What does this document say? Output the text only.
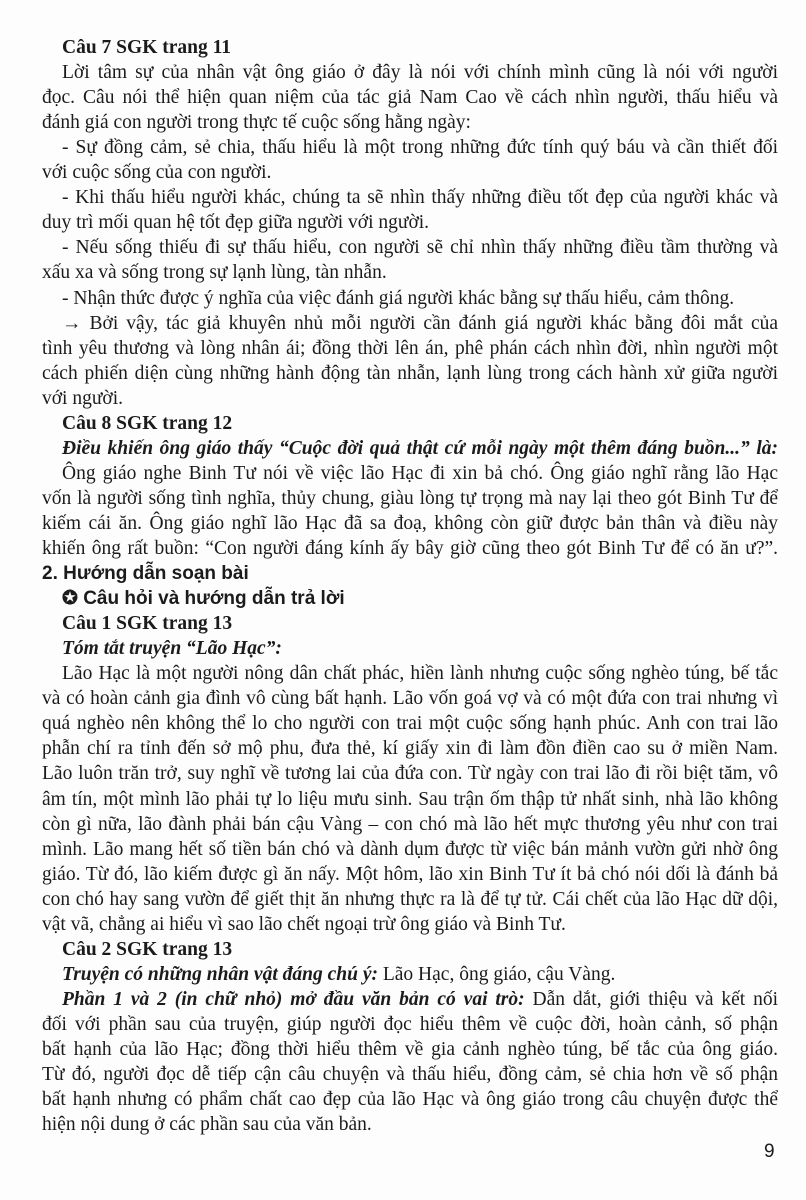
Câu 7 SGK trang 11
Lời tâm sự của nhân vật ông giáo ở đây là nói với chính mình cũng là nói với người
đọc. Câu nói thể hiện quan niệm của tác giả Nam Cao về cách nhìn người, thấu hiểu và
đánh giá con người trong thực tế cuộc sống hằng ngày:
- Sự đồng cảm, sẻ chia, thấu hiểu là một trong những đức tính quý báu và cần thiết đối
với cuộc sống của con người.
- Khi thấu hiểu người khác, chúng ta sẽ nhìn thấy những điều tốt đẹp của người khác và
duy trì mối quan hệ tốt đẹp giữa người với người.
- Nếu sống thiếu đi sự thấu hiểu, con người sẽ chỉ nhìn thấy những điều tầm thường và
xấu xa và sống trong sự lạnh lùng, tàn nhẫn.
- Nhận thức được ý nghĩa của việc đánh giá người khác bằng sự thấu hiểu, cảm thông.
→ Bởi vậy, tác giả khuyên nhủ mỗi người cần đánh giá người khác bằng đôi mắt của
tình yêu thương và lòng nhân ái; đồng thời lên án, phê phán cách nhìn đời, nhìn người một
cách phiến diện cùng những hành động tàn nhẫn, lạnh lùng trong cách hành xử giữa người
với người.
Câu 8 SGK trang 12
Điều khiến ông giáo thấy “Cuộc đời quả thật cứ mỗi ngày một thêm đáng buồn...” là:
Ông giáo nghe Binh Tư nói về việc lão Hạc đi xin bả chó. Ông giáo nghĩ rằng lão Hạc
vốn là người sống tình nghĩa, thủy chung, giàu lòng tự trọng mà nay lại theo gót Binh Tư để
kiếm cái ăn. Ông giáo nghĩ lão Hạc đã sa đoạ, không còn giữ được bản thân và điều này
khiến ông rất buồn: “Con người đáng kính ấy bây giờ cũng theo gót Binh Tư để có ăn ư?”.
2. Hướng dẫn soạn bài
✪ Câu hỏi và hướng dẫn trả lời
Câu 1 SGK trang 13
Tóm tắt truyện “Lão Hạc”:
Lão Hạc là một người nông dân chất phác, hiền lành nhưng cuộc sống nghèo túng, bế tắc
và có hoàn cảnh gia đình vô cùng bất hạnh. Lão vốn goá vợ và có một đứa con trai nhưng vì
quá nghèo nên không thể lo cho người con trai một cuộc sống hạnh phúc. Anh con trai lão
phẫn chí ra tỉnh đến sở mộ phu, đưa thẻ, kí giấy xin đi làm đồn điền cao su ở miền Nam.
Lão luôn trăn trở, suy nghĩ về tương lai của đứa con. Từ ngày con trai lão đi rồi biệt tăm, vô
âm tín, một mình lão phải tự lo liệu mưu sinh. Sau trận ốm thập tử nhất sinh, nhà lão không
còn gì nữa, lão đành phải bán cậu Vàng – con chó mà lão hết mực thương yêu như con trai
mình. Lão mang hết số tiền bán chó và dành dụm được từ việc bán mảnh vườn gửi nhờ ông
giáo. Từ đó, lão kiếm được gì ăn nấy. Một hôm, lão xin Binh Tư ít bả chó nói dối là đánh bả
con chó hay sang vườn để giết thịt ăn nhưng thực ra là để tự tử. Cái chết của lão Hạc dữ dội,
vật vã, chẳng ai hiểu vì sao lão chết ngoại trừ ông giáo và Binh Tư.
Câu 2 SGK trang 13
Truyện có những nhân vật đáng chú ý: Lão Hạc, ông giáo, cậu Vàng.
Phần 1 và 2 (in chữ nhỏ) mở đầu văn bản có vai trò: Dẫn dắt, giới thiệu và kết nối
đối với phần sau của truyện, giúp người đọc hiểu thêm về cuộc đời, hoàn cảnh, số phận
bất hạnh của lão Hạc; đồng thời hiểu thêm về gia cảnh nghèo túng, bế tắc của ông giáo.
Từ đó, người đọc dễ tiếp cận câu chuyện và thấu hiểu, đồng cảm, sẻ chia hơn về số phận
bất hạnh nhưng có phẩm chất cao đẹp của lão Hạc và ông giáo trong câu chuyện được thể
hiện nội dung ở các phần sau của văn bản.
9
